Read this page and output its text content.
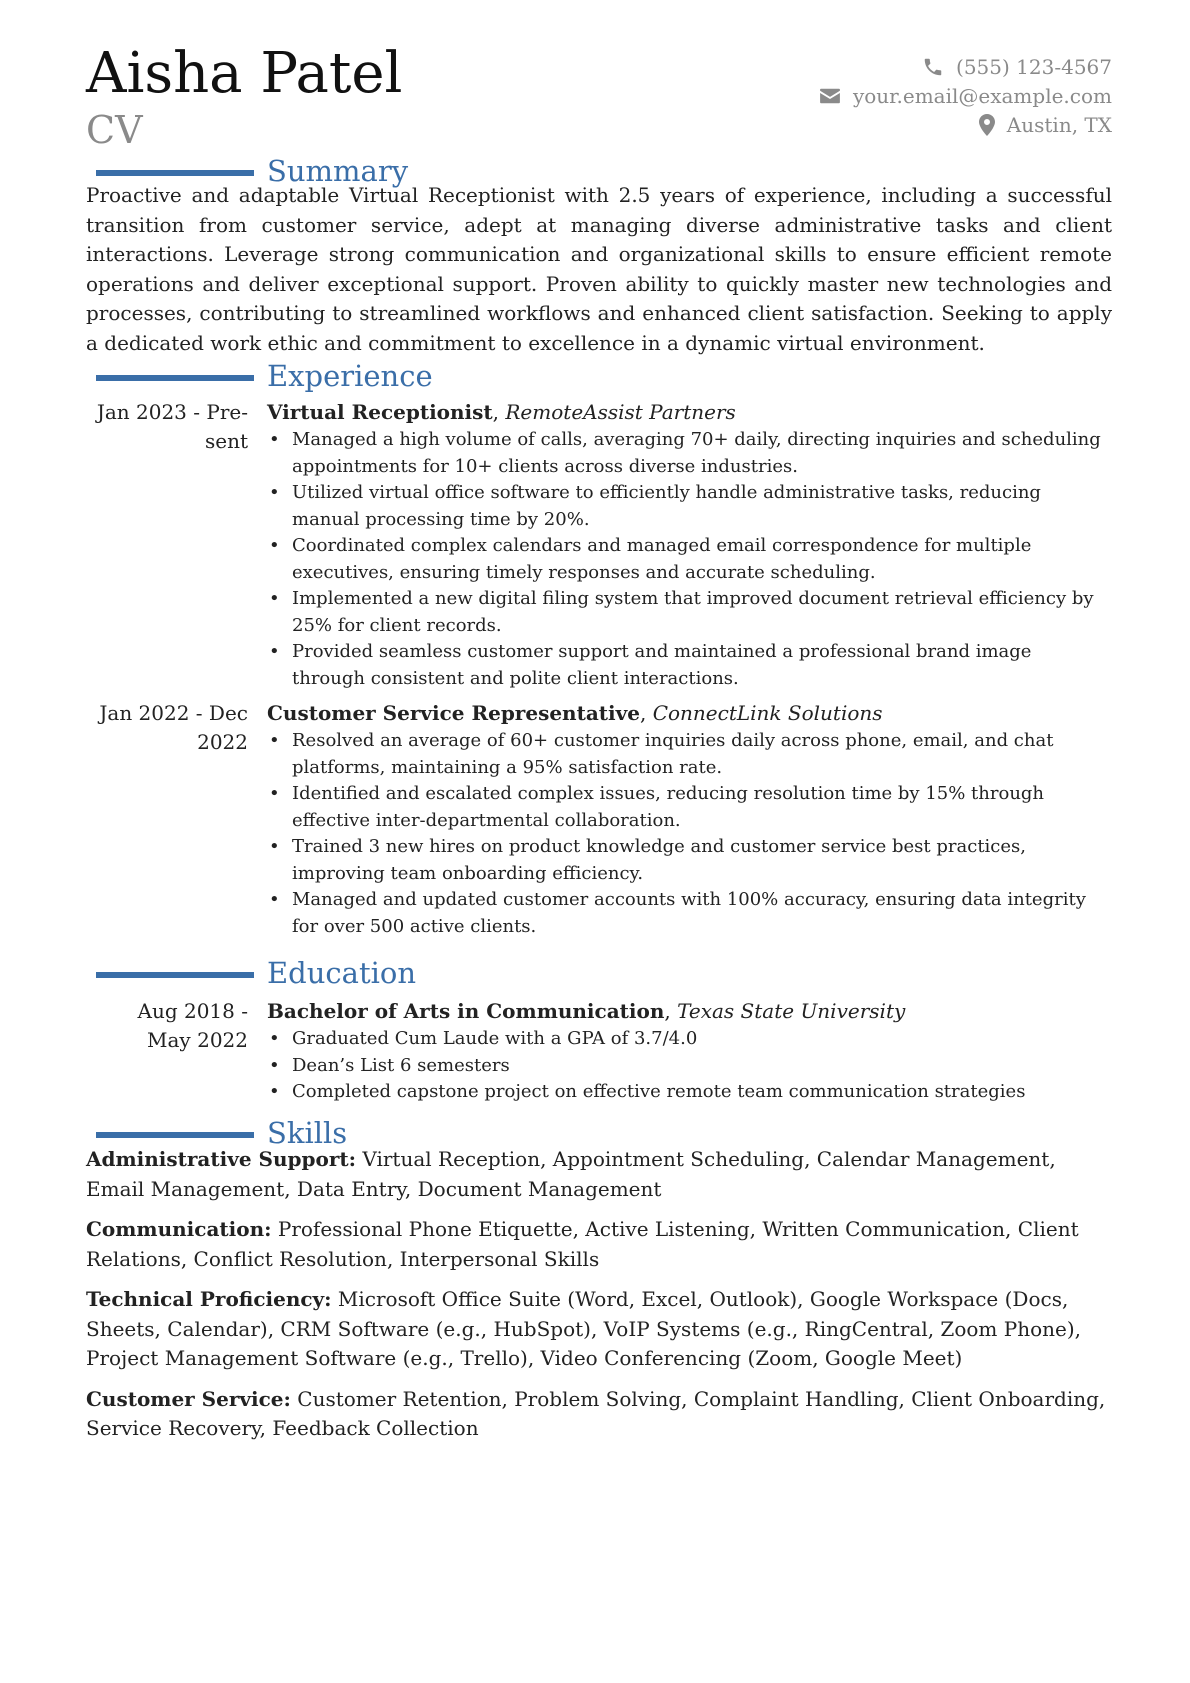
Aisha Patel
CV
(555) 123-4567
your.email@example.com
Austin, TX
Summary

Proactive and adaptable Virtual Receptionist with 2.5 years of experience, including a successful transition from customer service, adept at managing diverse administrative tasks and client interactions. Leverage strong communication and organizational skills to ensure efficient remote operations and deliver exceptional support. Proven ability to quickly master new technologies and processes, contributing to streamlined workflows and enhanced client satisfaction. Seeking to apply a dedicated work ethic and commitment to excellence in a dynamic virtual environment.

Experience
Jan 2023 - Pre-
sent
Virtual Receptionist, RemoteAssist Partners
• Managed a high volume of calls, averaging 70+ daily, directing inquiries and scheduling appointments for 10+ clients across diverse industries.
• Utilized virtual office software to efficiently handle administrative tasks, reducing manual processing time by 20%.
• Coordinated complex calendars and managed email correspondence for multiple executives, ensuring timely responses and accurate scheduling.
• Implemented a new digital filing system that improved document retrieval efficiency by 25% for client records.
• Provided seamless customer support and maintained a professional brand image through consistent and polite client interactions.
Jan 2022 - Dec
2022
Customer Service Representative, ConnectLink Solutions
• Resolved an average of 60+ customer inquiries daily across phone, email, and chat platforms, maintaining a 95% satisfaction rate.
• Identified and escalated complex issues, reducing resolution time by 15% through effective inter-departmental collaboration.
• Trained 3 new hires on product knowledge and customer service best practices, improving team onboarding efficiency.
• Managed and updated customer accounts with 100% accuracy, ensuring data integrity for over 500 active clients.
Education
Aug 2018 -
May 2022
Bachelor of Arts in Communication, Texas State University
• Graduated Cum Laude with a GPA of 3.7/4.0
• Dean’s List 6 semesters
• Completed capstone project on effective remote team communication strategies
Skills

Administrative Support: Virtual Reception, Appointment Scheduling, Calendar Management, Email Management, Data Entry, Document Management

Communication: Professional Phone Etiquette, Active Listening, Written Communication, Client Relations, Conflict Resolution, Interpersonal Skills

Technical Proficiency: Microsoft Office Suite (Word, Excel, Outlook), Google Workspace (Docs, Sheets, Calendar), CRM Software (e.g., HubSpot), VoIP Systems (e.g., RingCentral, Zoom Phone), Project Management Software (e.g., Trello), Video Conferencing (Zoom, Google Meet)

Customer Service: Customer Retention, Problem Solving, Complaint Handling, Client Onboarding, Service Recovery, Feedback Collection
